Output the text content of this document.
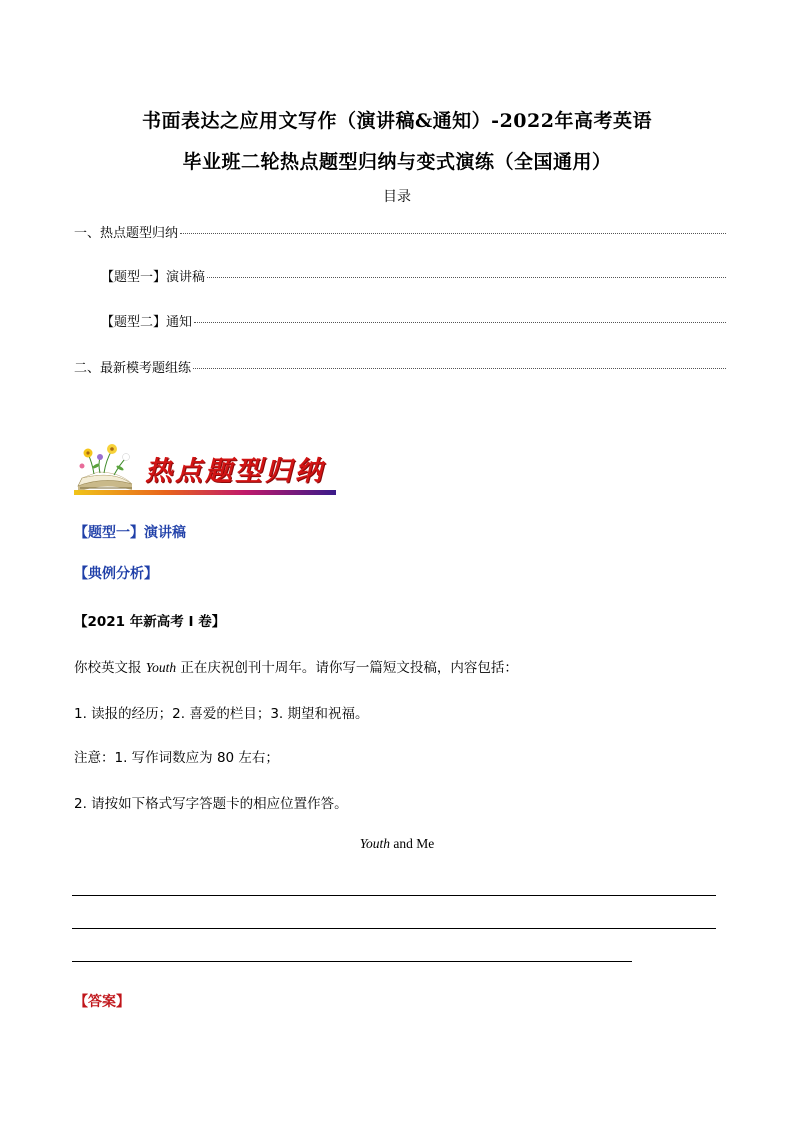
书面表达之应用文写作（演讲稿&通知）-2022年高考英语
毕业班二轮热点题型归纳与变式演练（全国通用）
目录
一、热点题型归纳
【题型一】演讲稿
【题型二】通知
二、最新模考题组练
热点题型归纳
【题型一】演讲稿
【典例分析】
【2021 年新高考 I 卷】
你校英文报 Youth 正在庆祝创刊十周年。请你写一篇短文投稿，内容包括：
1. 读报的经历；2. 喜爱的栏目；3. 期望和祝福。
注意：1. 写作词数应为 80 左右；
2. 请按如下格式写字答题卡的相应位置作答。
Youth and Me
【答案】
